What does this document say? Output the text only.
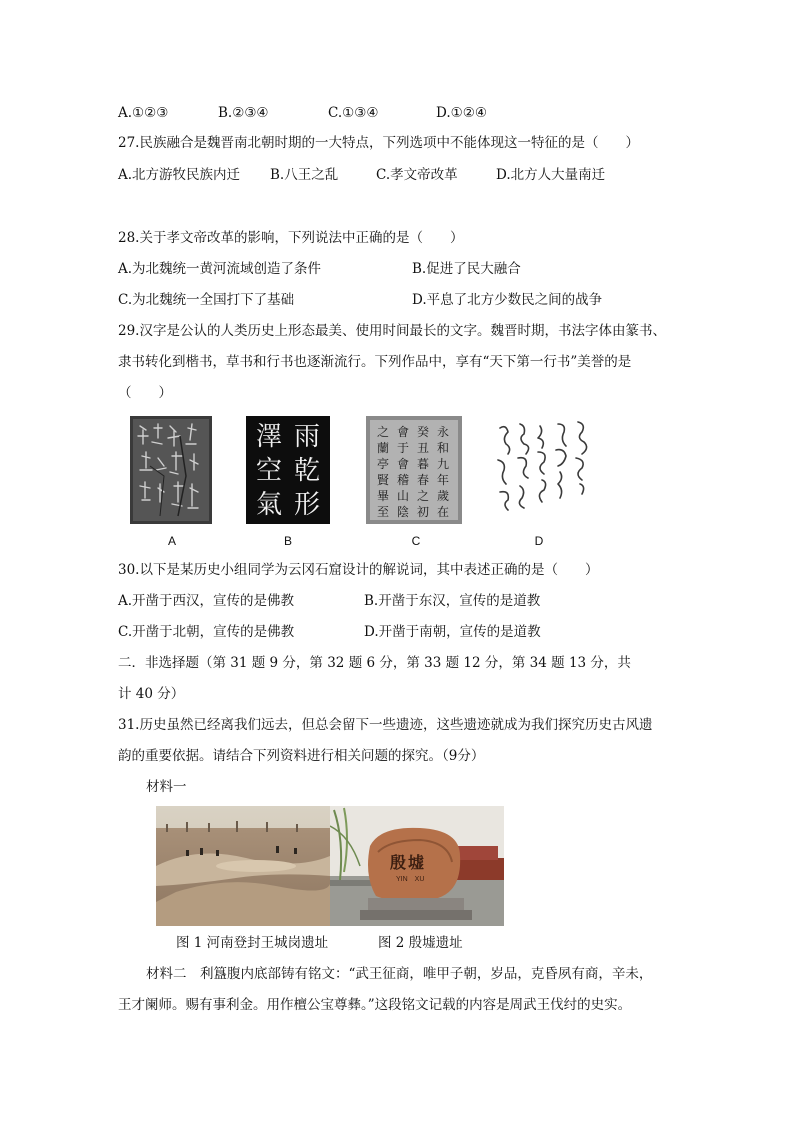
A.①②③	B.②③④	C.①③④	D.①②④
27.民族融合是魏晋南北朝时期的一大特点，下列选项中不能体现这一特征的是（　　）
A.北方游牧民族内迁 B.八王之乱	C.孝文帝改革	D.北方人大量南迁
28.关于孝文帝改革的影响，下列说法中正确的是（　　）
A.为北魏统一黄河流域创造了条件	B.促进了民大融合
C.为北魏统一全国打下了基础	D.平息了北方少数民之间的战争
29.汉字是公认的人类历史上形态最美、使用时间最长的文字。魏晋时期，书法字体由篆书、
隶书转化到楷书，草书和行书也逐渐流行。下列作品中，享有“天下第一行书”美誉的是
（　　）
A
澤 雨
空 乾
氣 形
B
永
和
九
年
歲
在
癸
丑
暮
春
之
初
會
于
會
稽
山
陰
之
蘭
亭
賢
畢
至
C	D
30.以下是某历史小组同学为云冈石窟设计的解说词，其中表述正确的是（　　）
A.开凿于西汉，宣传的是佛教	B.开凿于东汉，宣传的是道教
C.开凿于北朝，宣传的是佛教	D.开凿于南朝，宣传的是道教
二．非选择题（第 31 题 9 分，第 32 题 6 分，第 33 题 12 分，第 34 题 13 分，共
计 40 分）
31.历史虽然已经离我们远去，但总会留下一些遗迹，这些遗迹就成为我们探究历史古风遗
韵的重要依据。请结合下列资料进行相关问题的探究。（9分）
材料一
殷墟
YIN　XU
图 1 河南登封王城岗遗址	图 2 殷墟遗址
材料二　利簋腹内底部铸有铭文：“武王征商，唯甲子朝，岁品，克昏夙有商，辛未，
王才阑师。赐有事利金。用作檀公宝尊彝。”这段铭文记载的内容是周武王伐纣的史实。
